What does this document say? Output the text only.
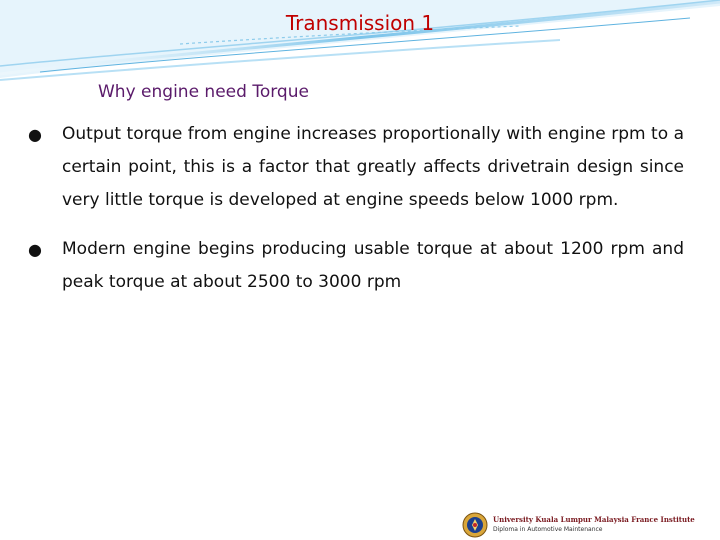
Transmission 1
Why engine need Torque
● Output torque from engine increases proportionally with engine rpm to a certain point, this is a factor that greatly affects drivetrain design since very little torque is developed at engine speeds below 1000 rpm.
● Modern engine begins producing usable torque at about 1200 rpm and peak torque at about 2500 to 3000 rpm
University Kuala Lumpur Malaysia France Institute
Diploma in Automotive Maintenance
